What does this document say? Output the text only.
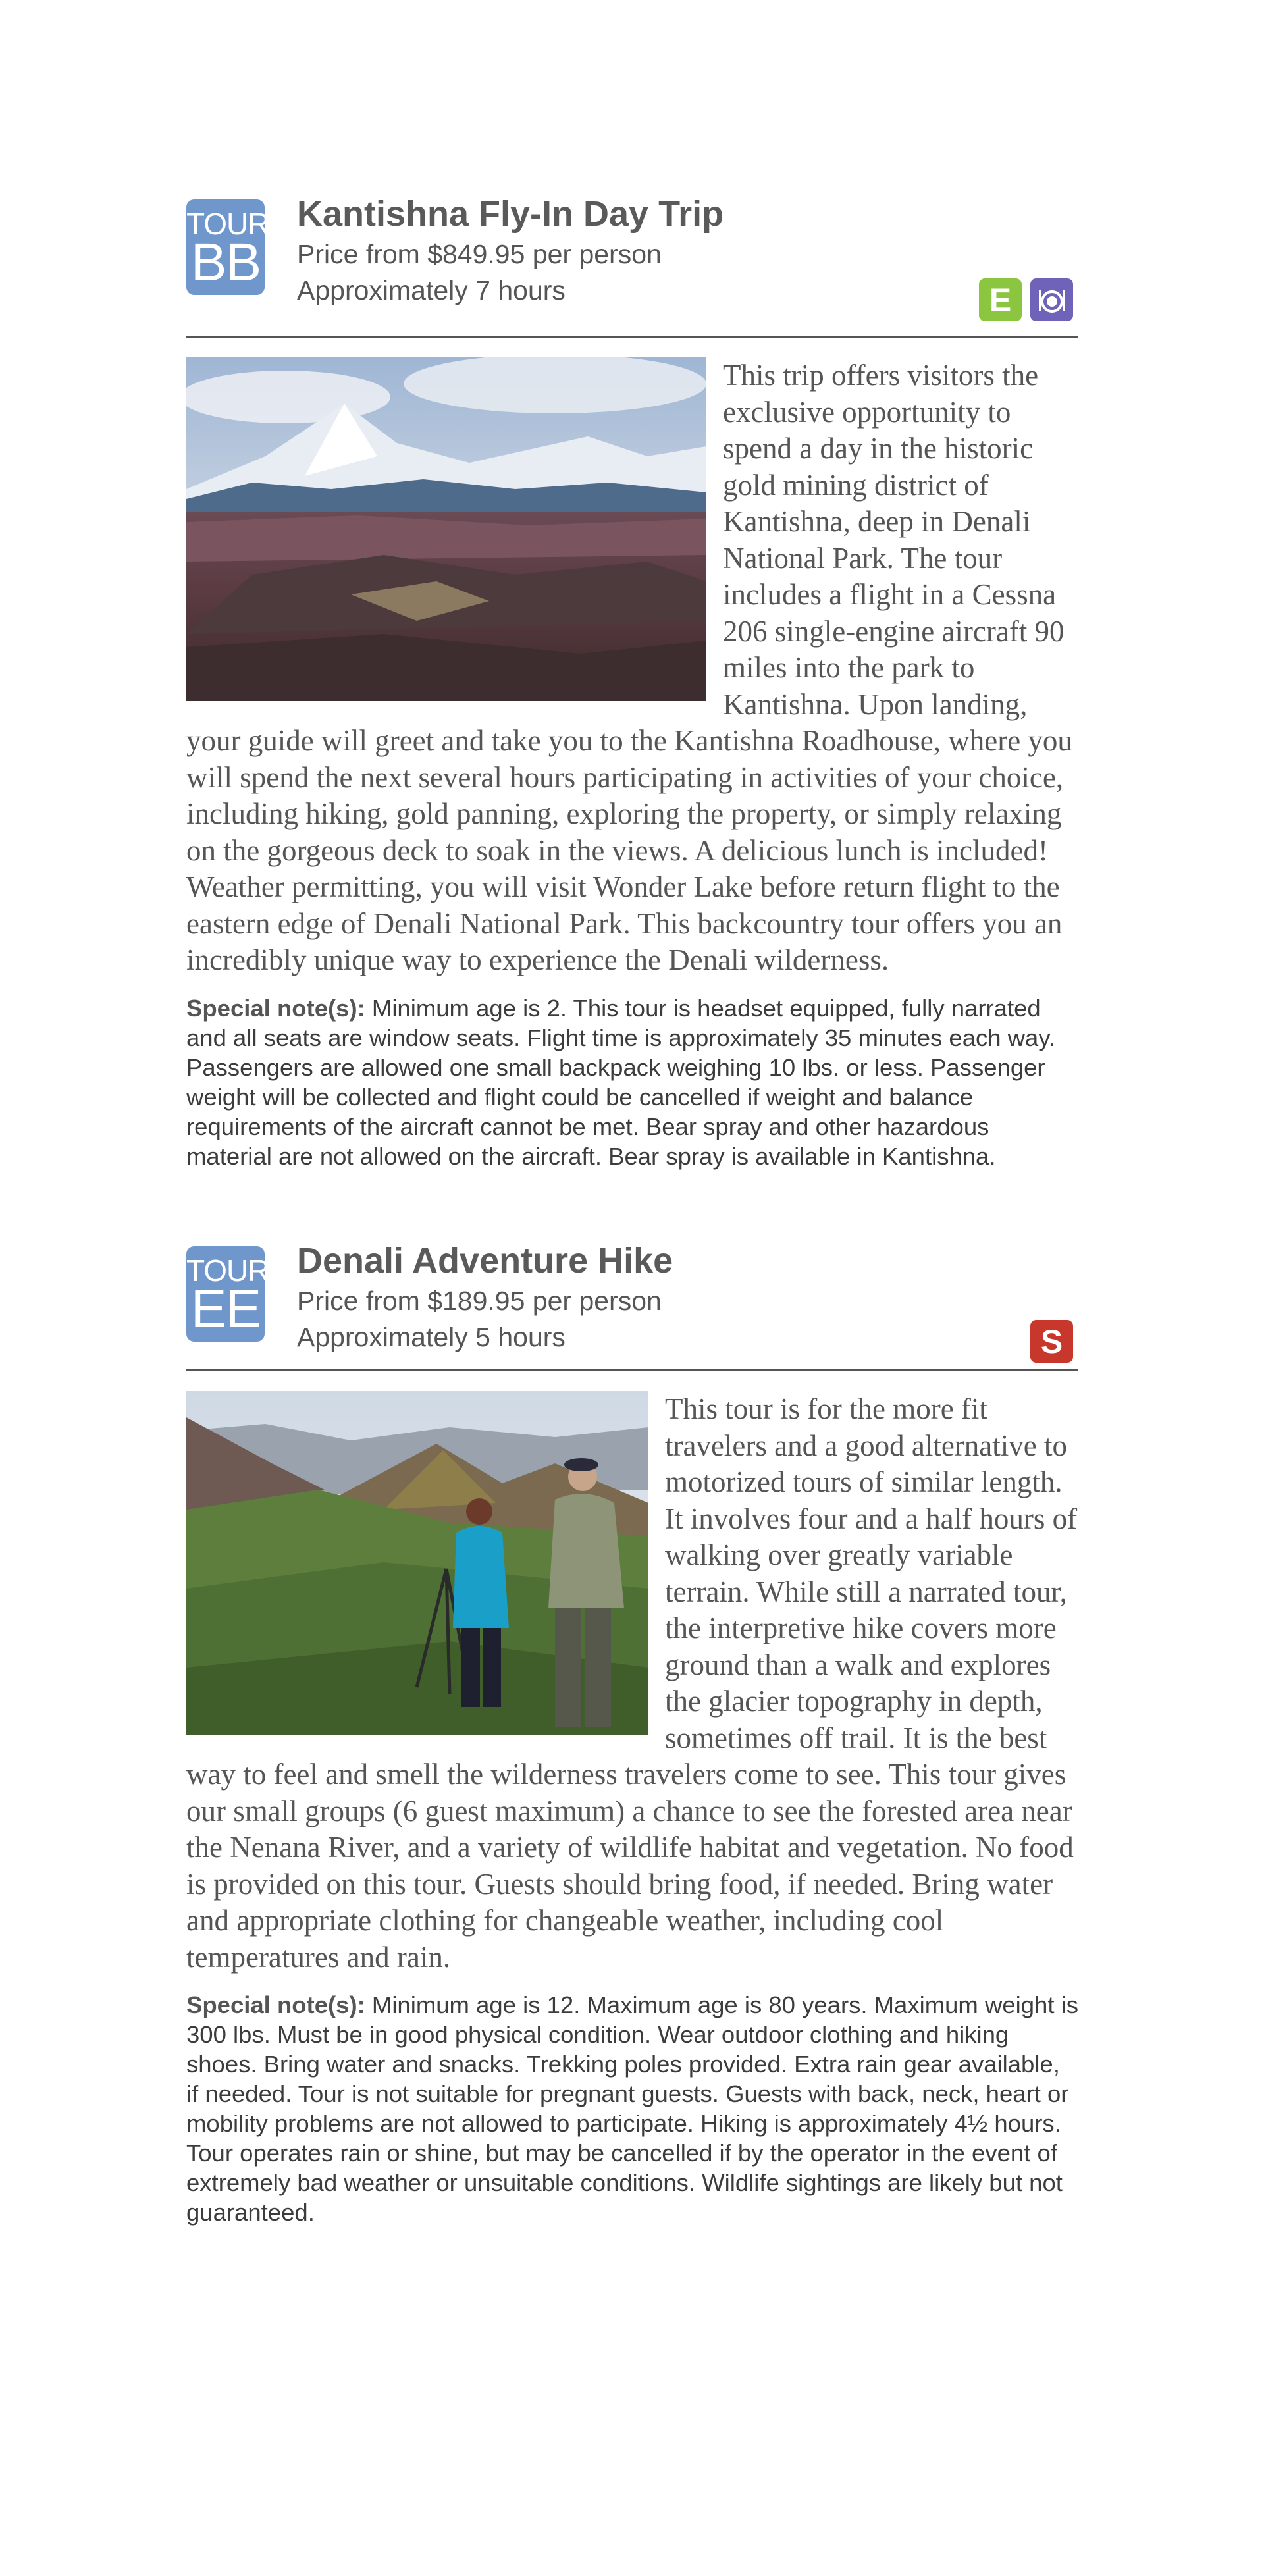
TOUR
BB
Kantishna Fly-In Day Trip
Price from $849.95 per person
Approximately 7 hours	E

This trip offers visitors the exclusive opportunity to spend a day in the historic gold mining district of Kantishna, deep in Denali National Park. The tour includes a flight in a Cessna 206 single-engine aircraft 90 miles into the park to Kantishna. Upon landing, your guide will greet and take you to the Kantishna Roadhouse, where you will spend the next several hours participating in activities of your choice, including hiking, gold panning, exploring the property, or simply relaxing on the gorgeous deck to soak in the views. A delicious lunch is included! Weather permitting, you will visit Wonder Lake before return flight to the eastern edge of Denali National Park. This backcountry tour offers you an incredibly unique way to experience the Denali wilderness.

Special note(s): Minimum age is 2. This tour is headset equipped, fully narrated and all seats are window seats. Flight time is approximately 35 minutes each way. Passengers are allowed one small backpack weighing 10 lbs. or less. Passenger weight will be collected and flight could be cancelled if weight and balance requirements of the aircraft cannot be met. Bear spray and other hazardous material are not allowed on the aircraft. Bear spray is available in Kantishna.

TOUR
EE
Denali Adventure Hike
Price from $189.95 per person
Approximately 5 hours	S

This tour is for the more fit travelers and a good alternative to motorized tours of similar length. It involves four and a half hours of walking over greatly variable terrain. While still a narrated tour, the interpretive hike covers more ground than a walk and explores the glacier topography in depth, sometimes off trail. It is the best way to feel and smell the wilderness travelers come to see. This tour gives our small groups (6 guest maximum) a chance to see the forested area near the Nenana River, and a variety of wildlife habitat and vegetation. No food is provided on this tour. Guests should bring food, if needed. Bring water and appropriate clothing for changeable weather, including cool temperatures and rain.

Special note(s): Minimum age is 12. Maximum age is 80 years. Maximum weight is 300 lbs. Must be in good physical condition. Wear outdoor clothing and hiking shoes. Bring water and snacks. Trekking poles provided. Extra rain gear available, if needed. Tour is not suitable for pregnant guests. Guests with back, neck, heart or mobility problems are not allowed to participate. Hiking is approximately 4½ hours. Tour operates rain or shine, but may be cancelled if by the operator in the event of extremely bad weather or unsuitable conditions. Wildlife sightings are likely but not guaranteed.
